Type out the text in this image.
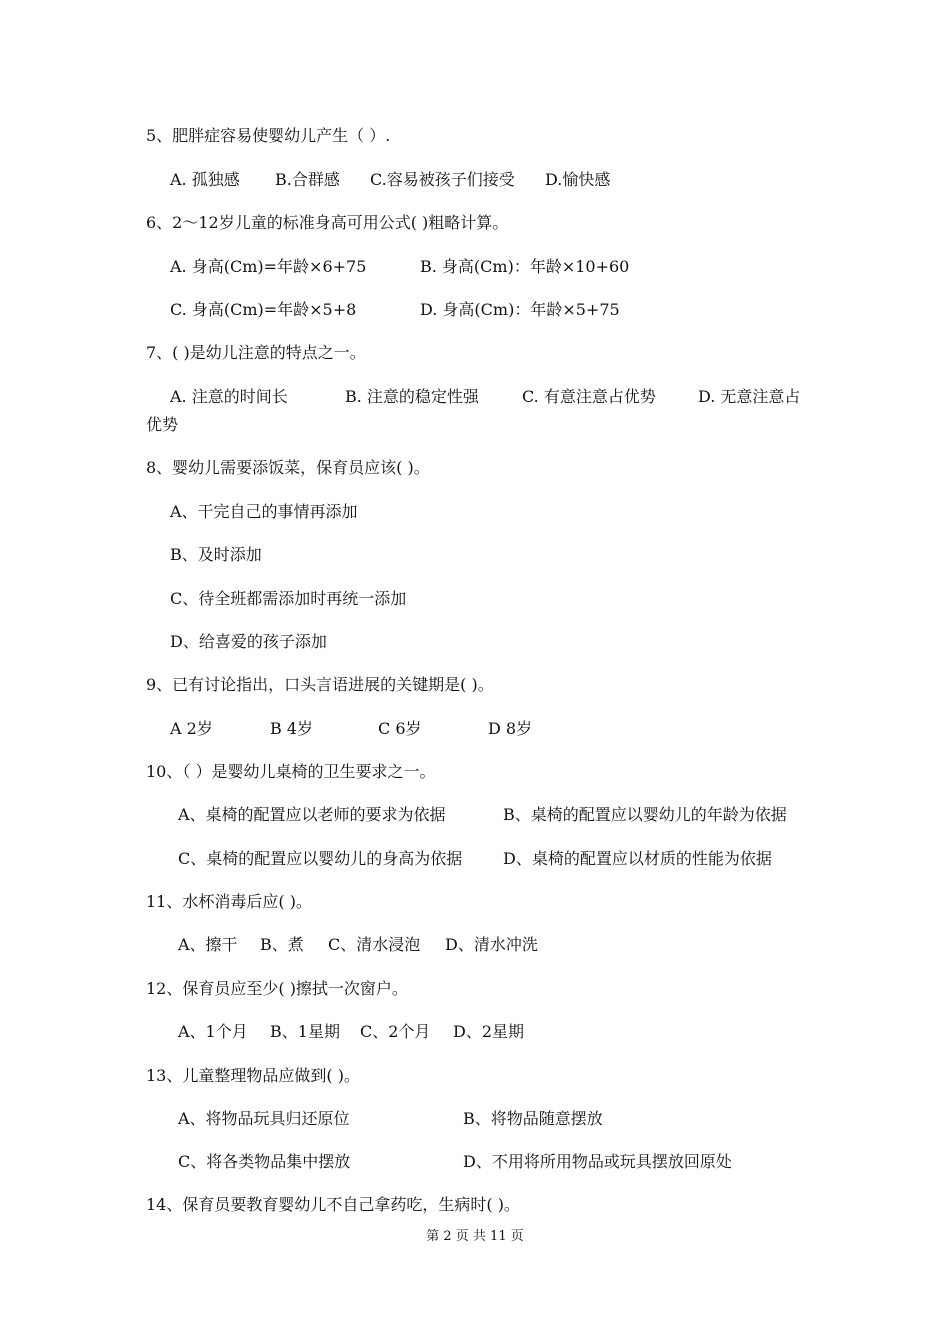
5、肥胖症容易使婴幼儿产生（ ）.
A. 孤独感 B.合群感 C.容易被孩子们接受 D.愉快感
6、2～12岁儿童的标准身高可用公式( )粗略计算。
A. 身高(Cm)=年龄×6+75	B. 身高(Cm)：年龄×10+60
C. 身高(Cm)=年龄×5+8	D. 身高(Cm)：年龄×5+75
7、( )是幼儿注意的特点之一。
A. 注意的时间长	B. 注意的稳定性强	C. 有意注意占优势	D. 无意注意占
优势
8、婴幼儿需要添饭菜，保育员应该( )。
A、干完自己的事情再添加
B、及时添加
C、待全班都需添加时再统一添加
D、给喜爱的孩子添加
9、已有讨论指出，口头言语进展的关键期是( )。
A 2岁	B 4岁	C 6岁	D 8岁
10、（ ）是婴幼儿桌椅的卫生要求之一。
A、桌椅的配置应以老师的要求为依据	B、桌椅的配置应以婴幼儿的年龄为依据
C、桌椅的配置应以婴幼儿的身高为依据	D、桌椅的配置应以材质的性能为依据
11、水杯消毒后应( )。
A、擦干 B、煮 C、清水浸泡 D、清水冲洗
12、保育员应至少( )擦拭一次窗户。
A、1个月 B、1星期 C、2个月 D、2星期
13、儿童整理物品应做到( )。
A、将物品玩具归还原位	B、将物品随意摆放
C、将各类物品集中摆放	D、不用将所用物品或玩具摆放回原处
14、保育员要教育婴幼儿不自己拿药吃，生病时( )。
第 2 页 共 11 页
